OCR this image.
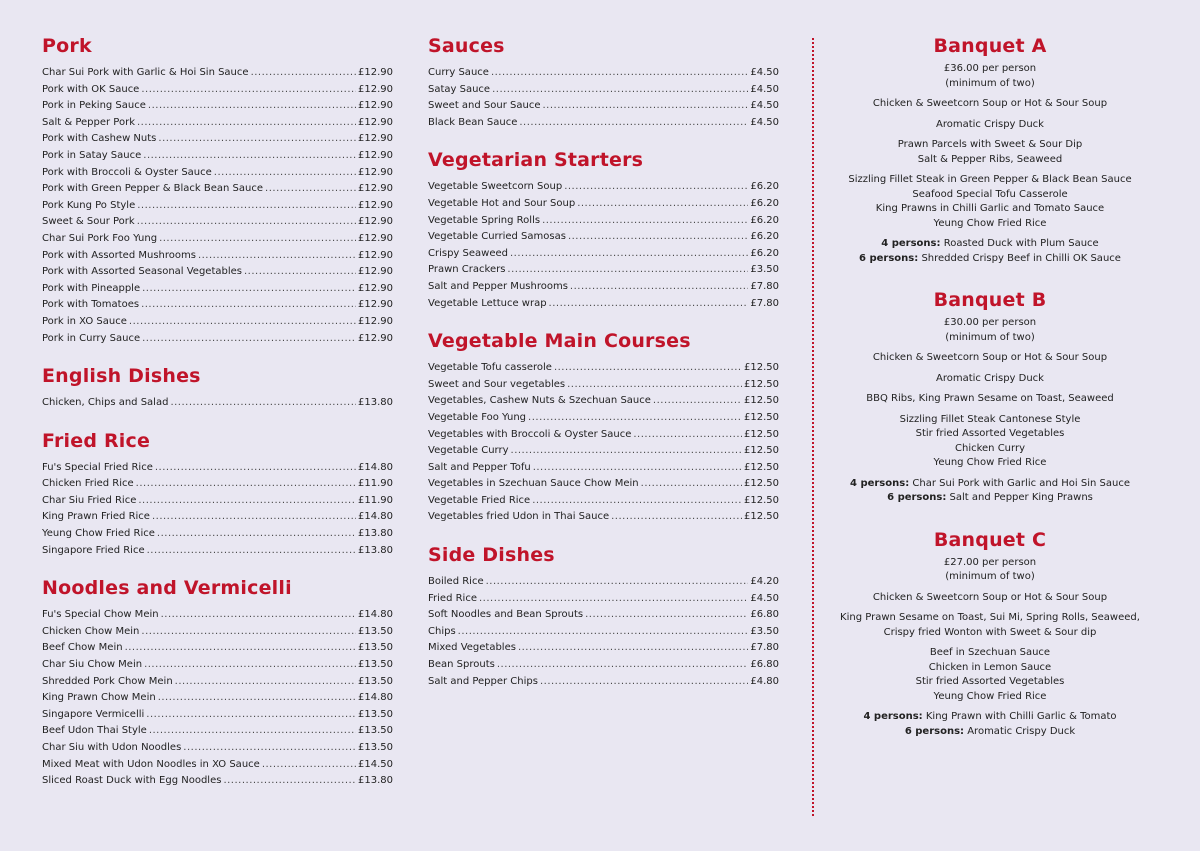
Pork
Char Sui Pork with Garlic & Hoi Sin Sauce .....	£12.90
Pork with OK Sauce .....	£12.90
Pork in Peking Sauce .....	£12.90
Salt & Pepper Pork .....	£12.90
Pork with Cashew Nuts .....	£12.90
Pork in Satay Sauce .....	£12.90
Pork with Broccoli & Oyster Sauce .....	£12.90
Pork with Green Pepper & Black Bean Sauce .....	£12.90
Pork Kung Po Style .....	£12.90
Sweet & Sour Pork .....	£12.90
Char Sui Pork Foo Yung .....	£12.90
Pork with Assorted Mushrooms .....	£12.90
Pork with Assorted Seasonal Vegetables .....	£12.90
Pork with Pineapple .....	£12.90
Pork with Tomatoes .....	£12.90
Pork in XO Sauce .....	£12.90
Pork in Curry Sauce .....	£12.90
English Dishes
Chicken, Chips and Salad .....	£13.80
Fried Rice
Fu's Special Fried Rice .....	£14.80
Chicken Fried Rice .....	£11.90
Char Siu Fried Rice .....	£11.90
King Prawn Fried Rice .....	£14.80
Yeung Chow Fried Rice .....	£13.80
Singapore Fried Rice .....	£13.80
Noodles and Vermicelli
Fu's Special Chow Mein .....	£14.80
Chicken Chow Mein .....	£13.50
Beef Chow Mein .....	£13.50
Char Siu Chow Mein .....	£13.50
Shredded Pork Chow Mein .....	£13.50
King Prawn Chow Mein .....	£14.80
Singapore Vermicelli .....	£13.50
Beef Udon Thai Style .....	£13.50
Char Siu with Udon Noodles .....	£13.50
Mixed Meat with Udon Noodles in XO Sauce .....	£14.50
Sliced Roast Duck with Egg Noodles .....	£13.80
Sauces
Curry Sauce .....	£4.50
Satay Sauce .....	£4.50
Sweet and Sour Sauce .....	£4.50
Black Bean Sauce .....	£4.50
Vegetarian Starters
Vegetable Sweetcorn Soup .....	£6.20
Vegetable Hot and Sour Soup .....	£6.20
Vegetable Spring Rolls .....	£6.20
Vegetable Curried Samosas .....	£6.20
Crispy Seaweed .....	£6.20
Prawn Crackers .....	£3.50
Salt and Pepper Mushrooms .....	£7.80
Vegetable Lettuce wrap .....	£7.80
Vegetable Main Courses
Vegetable Tofu casserole .....	£12.50
Sweet and Sour vegetables .....	£12.50
Vegetables, Cashew Nuts & Szechuan Sauce .....	£12.50
Vegetable Foo Yung .....	£12.50
Vegetables with Broccoli & Oyster Sauce .....	£12.50
Vegetable Curry .....	£12.50
Salt and Pepper Tofu .....	£12.50
Vegetables in Szechuan Sauce Chow Mein .....	£12.50
Vegetable Fried Rice .....	£12.50
Vegetables fried Udon in Thai Sauce .....	£12.50
Side Dishes
Boiled Rice .....	£4.20
Fried Rice .....	£4.50
Soft Noodles and Bean Sprouts .....	£6.80
Chips .....	£3.50
Mixed Vegetables .....	£7.80
Bean Sprouts .....	£6.80
Salt and Pepper Chips .....	£4.80
Banquet A
£36.00 per person
(minimum of two)
Chicken & Sweetcorn Soup or Hot & Sour Soup
Aromatic Crispy Duck
Prawn Parcels with Sweet & Sour Dip
Salt & Pepper Ribs, Seaweed
Sizzling Fillet Steak in Green Pepper & Black Bean Sauce
Seafood Special Tofu Casserole
King Prawns in Chilli Garlic and Tomato Sauce
Yeung Chow Fried Rice
4 persons: Roasted Duck with Plum Sauce
6 persons: Shredded Crispy Beef in Chilli OK Sauce
Banquet B
£30.00 per person
(minimum of two)
Chicken & Sweetcorn Soup or Hot & Sour Soup
Aromatic Crispy Duck
BBQ Ribs, King Prawn Sesame on Toast, Seaweed
Sizzling Fillet Steak Cantonese Style
Stir fried Assorted Vegetables
Chicken Curry
Yeung Chow Fried Rice
4 persons: Char Sui Pork with Garlic and Hoi Sin Sauce
6 persons: Salt and Pepper King Prawns
Banquet C
£27.00 per person
(minimum of two)
Chicken & Sweetcorn Soup or Hot & Sour Soup
King Prawn Sesame on Toast, Sui Mi, Spring Rolls, Seaweed,
Crispy fried Wonton with Sweet & Sour dip
Beef in Szechuan Sauce
Chicken in Lemon Sauce
Stir fried Assorted Vegetables
Yeung Chow Fried Rice
4 persons: King Prawn with Chilli Garlic & Tomato
6 persons: Aromatic Crispy Duck
